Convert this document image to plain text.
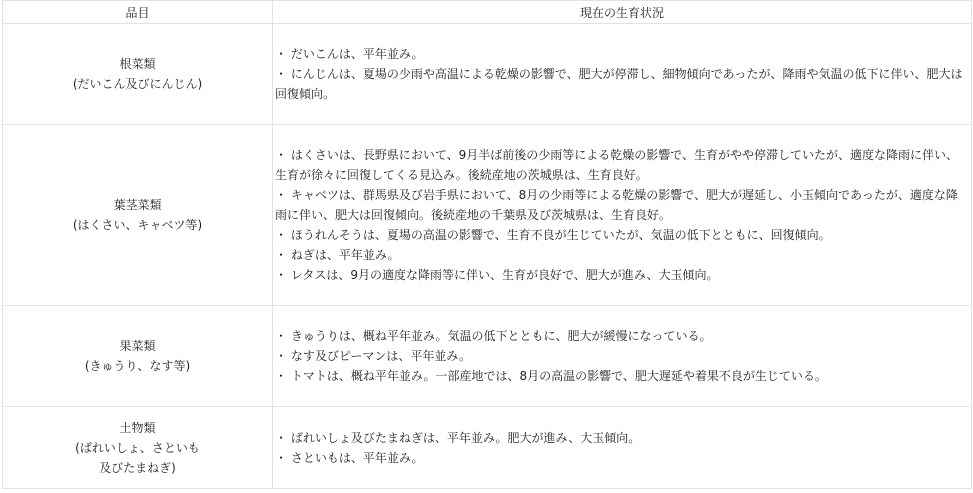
品目	現在の生育状況

根菜類
(だいこん及びにんじん)	・ だいこんは、平年並み。
・ にんじんは、夏場の少雨や高温による乾燥の影響で、肥大が停滞し、細物傾向であったが、降雨や気温の低下に伴い、肥大は回復傾向。

葉茎菜類
(はくさい、キャベツ等)	・ はくさいは、長野県において、9月半ば前後の少雨等による乾燥の影響で、生育がやや停滞していたが、適度な降雨に伴い、生育が徐々に回復してくる見込み。後続産地の茨城県は、生育良好。
・ キャベツは、群馬県及び岩手県において、8月の少雨等による乾燥の影響で、肥大が遅延し、小玉傾向であったが、適度な降雨に伴い、肥大は回復傾向。後続産地の千葉県及び茨城県は、生育良好。
・ ほうれんそうは、夏場の高温の影響で、生育不良が生じていたが、気温の低下とともに、回復傾向。
・ ねぎは、平年並み。
・ レタスは、9月の適度な降雨等に伴い、生育が良好で、肥大が進み、大玉傾向。

果菜類
(きゅうり、なす等)	・ きゅうりは、概ね平年並み。気温の低下とともに、肥大が緩慢になっている。
・ なす及びピーマンは、平年並み。
・ トマトは、概ね平年並み。一部産地では、8月の高温の影響で、肥大遅延や着果不良が生じている。

土物類
(ばれいしょ、さといも
及びたまねぎ)	・ ばれいしょ及びたまねぎは、平年並み。肥大が進み、大玉傾向。
・ さといもは、平年並み。
